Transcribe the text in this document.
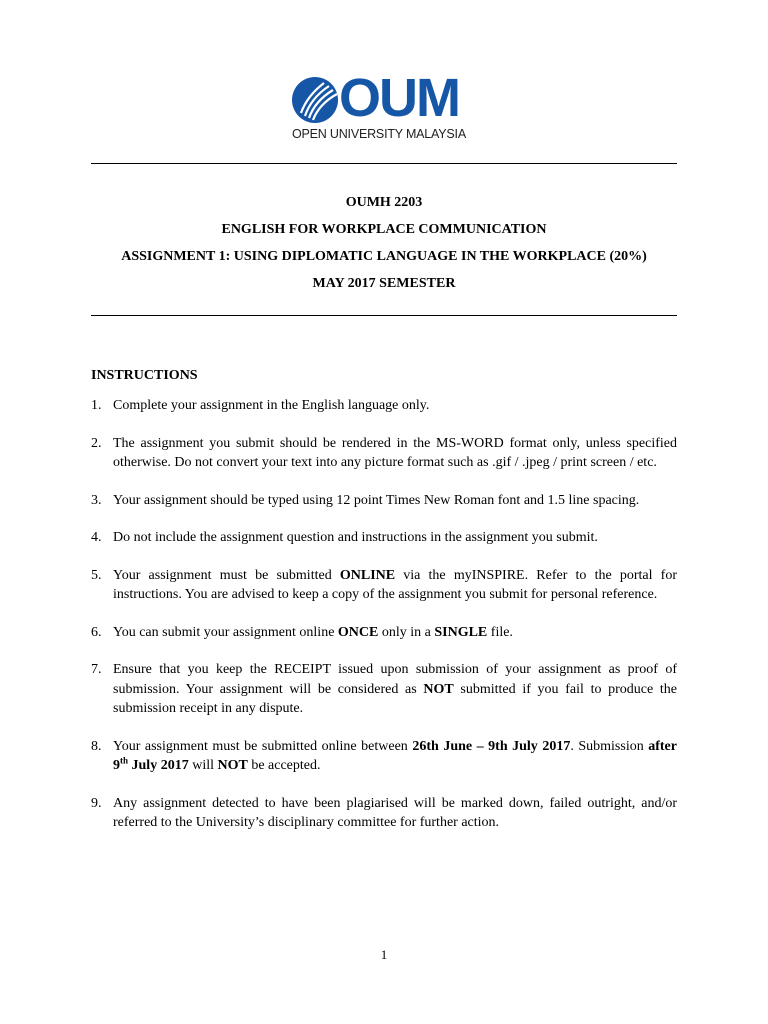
OUM
OPEN UNIVERSITY MALAYSIA
OUMH 2203
ENGLISH FOR WORKPLACE COMMUNICATION
ASSIGNMENT 1: USING DIPLOMATIC LANGUAGE IN THE WORKPLACE (20%)
MAY 2017 SEMESTER
INSTRUCTIONS
1. Complete your assignment in the English language only.
2. The assignment you submit should be rendered in the MS-WORD format only, unless specified otherwise. Do not convert your text into any picture format such as .gif / .jpeg / print screen / etc.
3. Your assignment should be typed using 12 point Times New Roman font and 1.5 line spacing.
4. Do not include the assignment question and instructions in the assignment you submit.
5. Your assignment must be submitted ONLINE via the myINSPIRE. Refer to the portal for instructions. You are advised to keep a copy of the assignment you submit for personal reference.
6. You can submit your assignment online ONCE only in a SINGLE file.
7. Ensure that you keep the RECEIPT issued upon submission of your assignment as proof of submission. Your assignment will be considered as NOT submitted if you fail to produce the submission receipt in any dispute.
8. Your assignment must be submitted online between 26th June – 9th July 2017. Submission after 9th July 2017 will NOT be accepted.
9. Any assignment detected to have been plagiarised will be marked down, failed outright, and/or referred to the University’s disciplinary committee for further action.
1
